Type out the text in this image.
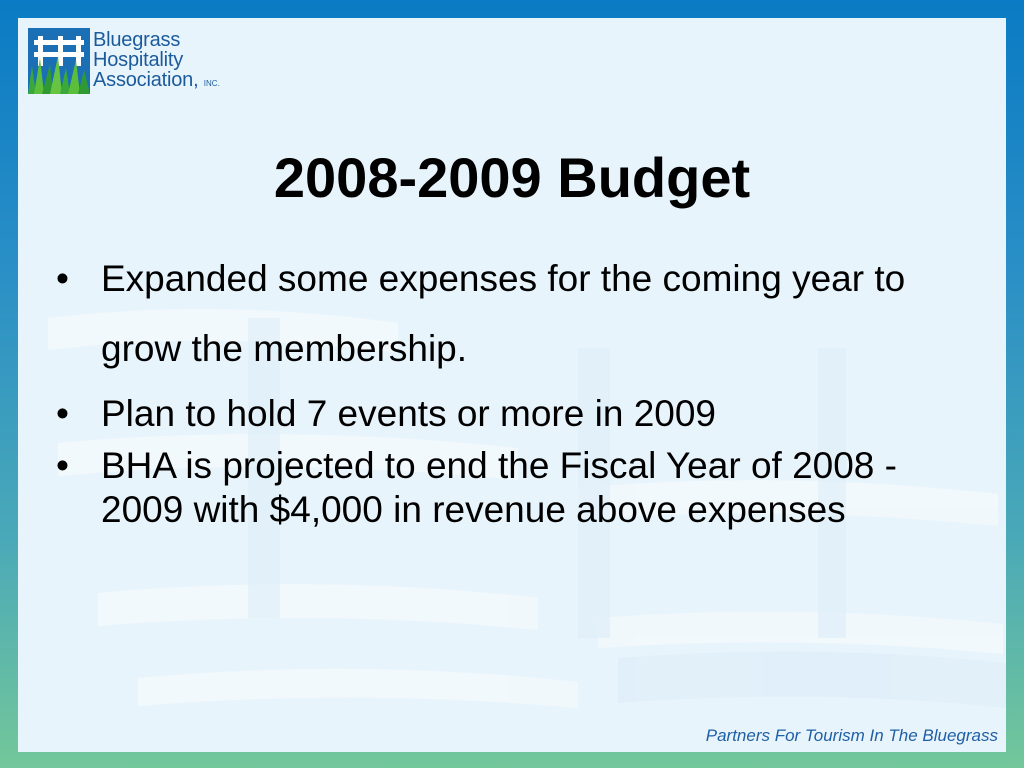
Bluegrass
Hospitality
Association, INC.
2008-2009 Budget
• Expanded some expenses for the coming year to grow the membership.
• Plan to hold 7 events or more in 2009
• BHA is projected to end the Fiscal Year of 2008 - 2009 with $4,000 in revenue above expenses
Partners For Tourism In The Bluegrass
